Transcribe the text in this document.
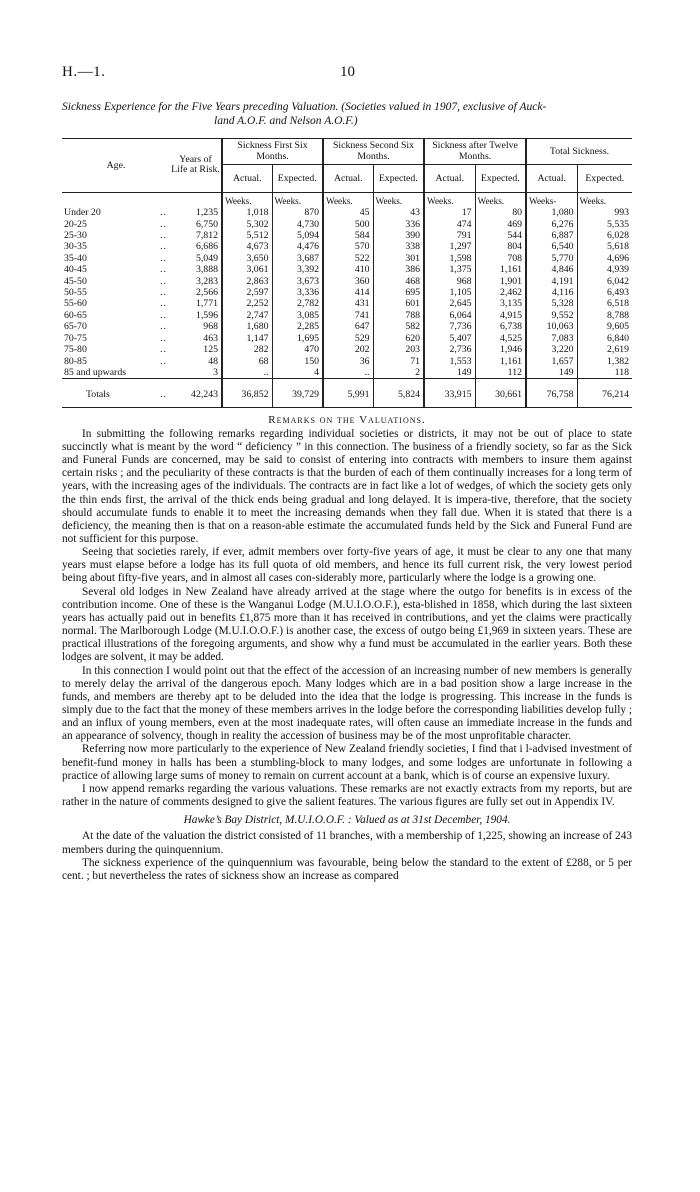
H.—1.	10
Sickness Experience for the Five Years preceding Valuation. (Societies valued in 1907, exclusive of Auck-
land A.O.F. and Nelson A.O.F.)
Age.	Years of Life at Risk.	Sickness First Six Months.		Sickness Second Six Months.		Sickness after Twelve Months.		Total Sickness.	
		Actual.	Expected.	Actual.	Expected.	Actual.	Expected.	Actual.	Expected.
		Weeks.	Weeks.	Weeks.	Weeks.	Weeks.	Weeks.	Weeks-	Weeks.
Under 20 ..	1,235	1,018	870	45	43	17	80	1,080	993
20-25 ..	6,750	5,302	4,730	500	336	474	469	6,276	5,535
25-30 ..	7,812	5,512	5,094	584	390	791	544	6,887	6,028
30-35 ..	6,686	4,673	4,476	570	338	1,297	804	6,540	5,618
35-40 ..	5,049	3,650	3,687	522	301	1,598	708	5,770	4,696
40-45 ..	3,888	3,061	3,392	410	386	1,375	1,161	4,846	4,939
45-50 ..	3,283	2,863	3,673	360	468	968	1,901	4,191	6,042
50-55 ..	2,566	2,597	3,336	414	695	1,105	2,462	4,116	6,493
55-60 ..	1,771	2,252	2,782	431	601	2,645	3,135	5,328	6,518
60-65 ..	1,596	2,747	3,085	741	788	6,064	4,915	9,552	8,788
65-70 ..	968	1,680	2,285	647	582	7,736	6,738	10,063	9,605
70-75 ..	463	1,147	1,695	529	620	5,407	4,525	7,083	6,840
75-80 ..	125	282	470	202	203	2,736	1,946	3,220	2,619
80-85 ..	48	68	150	36	71	1,553	1,161	1,657	1,382
85 and upwards	3	..	4	..	2	149	112	149	118
Totals ..	42,243	36,852	39,729	5,991	5,824	33,915	30,661	76,758	76,214
Remarks on the Valuations.

In submitting the following remarks regarding individual societies or districts, it may not be out of place to state succinctly what is meant by the word “ deficiency ” in this connection. The business of a friendly society, so far as the Sick and Funeral Funds are concerned, may be said to consist of entering into contracts with members to insure them against certain risks ; and the peculiarity of these contracts is that the burden of each of them continually increases for a long term of years, with the increasing ages of the individuals. The contracts are in fact like a lot of wedges, of which the society gets only the thin ends first, the arrival of the thick ends being gradual and long delayed. It is impera-tive, therefore, that the society should accumulate funds to enable it to meet the increasing demands when they fall due. When it is stated that there is a deficiency, the meaning then is that on a reason-able estimate the accumulated funds held by the Sick and Funeral Fund are not sufficient for this purpose.

Seeing that societies rarely, if ever, admit members over forty-five years of age, it must be clear to any one that many years must elapse before a lodge has its full quota of old members, and hence its full current risk, the very lowest period being about fifty-five years, and in almost all cases con-siderably more, particularly where the lodge is a growing one.

Several old lodges in New Zealand have already arrived at the stage where the outgo for benefits is in excess of the contribution income. One of these is the Wanganui Lodge (M.U.I.O.O.F.), esta-blished in 1858, which during the last sixteen years has actually paid out in benefits £1,875 more than it has received in contributions, and yet the claims were practically normal. The Marlborough Lodge (M.U.I.O.O.F.) is another case, the excess of outgo being £1,969 in sixteen years. These are practical illustrations of the foregoing arguments, and show why a fund must be accumulated in the earlier years. Both these lodges are solvent, it may be added.

In this connection I would point out that the effect of the accession of an increasing number of new members is generally to merely delay the arrival of the dangerous epoch. Many lodges which are in a bad position show a large increase in the funds, and members are thereby apt to be deluded into the idea that the lodge is progressing. This increase in the funds is simply due to the fact that the money of these members arrives in the lodge before the corresponding liabilities develop fully ; and an influx of young members, even at the most inadequate rates, will often cause an immediate increase in the funds and an appearance of solvency, though in reality the accession of business may be of the most unprofitable character.

Referring now more particularly to the experience of New Zealand friendly societies, I find that i l-advised investment of benefit-fund money in halls has been a stumbling-block to many lodges, and some lodges are unfortunate in following a practice of allowing large sums of money to remain on current account at a bank, which is of course an expensive luxury.

I now append remarks regarding the various valuations. These remarks are not exactly extracts from my reports, but are rather in the nature of comments designed to give the salient features. The various figures are fully set out in Appendix IV.

Hawke’s Bay District, M.U.I.O.O.F. : Valued as at 31st December, 1904.

At the date of the valuation the district consisted of 11 branches, with a membership of 1,225, showing an increase of 243 members during the quinquennium.

The sickness experience of the quinquennium was favourable, being below the standard to the extent of £288, or 5 per cent. ; but nevertheless the rates of sickness show an increase as compared
